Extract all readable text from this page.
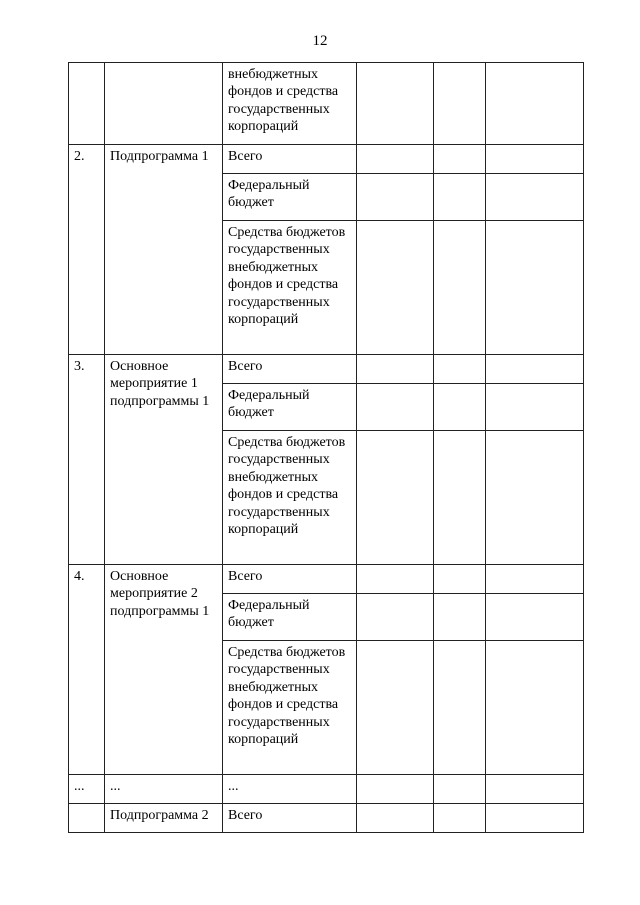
12
		внебюджетных фондов и средства государственных корпораций			
2.	Подпрограмма 1	Всего			
		Федеральный бюджет			
		Средства бюджетов государственных внебюджетных фондов и средства государственных корпораций			
3.	Основное мероприятие 1 подпрограммы 1	Всего			
		Федеральный бюджет			
		Средства бюджетов государственных внебюджетных фондов и средства государственных корпораций			
4.	Основное мероприятие 2 подпрограммы 1	Всего			
		Федеральный бюджет			
		Средства бюджетов государственных внебюджетных фондов и средства государственных корпораций			
...	...	...			
	Подпрограмма 2	Всего			
